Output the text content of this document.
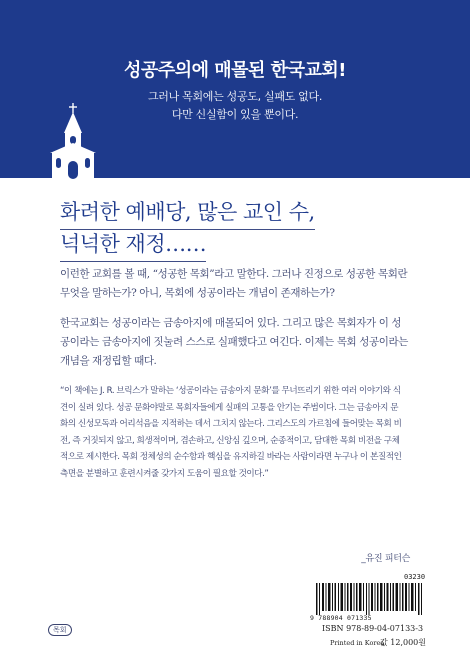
성공주의에 매몰된 한국교회!
그러나 목회에는 성공도, 실패도 없다.
다만 신실함이 있을 뿐이다.
화려한 예배당, 많은 교인 수,
넉넉한 재정……
이런한 교회를 볼 때, “성공한 목회”라고 말한다. 그러나 진정으로 성공한 목회란
무엇을 말하는가? 아니, 목회에 성공이라는 개념이 존재하는가?
한국교회는 성공이라는 금송아지에 매몰되어 있다. 그리고 많은 목회자가 이 성
공이라는 금송아지에 짓눌려 스스로 실패했다고 여긴다. 이제는 목회 성공이라는
개념을 재정립할 때다.
“이 책에는 J. R. 브릭스가 말하는 ‘성공이라는 금송아지 문화’를 무너뜨리기 위한 여러 이야기와 식
견이 실려 있다. 성공 문화야말로 목회자들에게 실패의 고통을 안기는 주범이다. 그는 금송아지 문
화의 신성모독과 어리석음을 지적하는 데서 그치지 않는다. 그리스도의 가르침에 들어맞는 목회 비
전, 즉 거짓되지 않고, 희생적이며, 겸손하고, 신앙심 깊으며, 순종적이고, 담대한 목회 비전을 구체
적으로 제시한다. 목회 정체성의 순수함과 핵심을 유지하길 바라는 사람이라면 누구나 이 본질적인
측면을 분별하고 훈련시켜줄 갖가지 도움이 필요할 것이다.”
_유진 피터슨
목회
03230
9 788904 071335
ISBN 978-89-04-07133-3
Printed in Korea
값 12,000원
